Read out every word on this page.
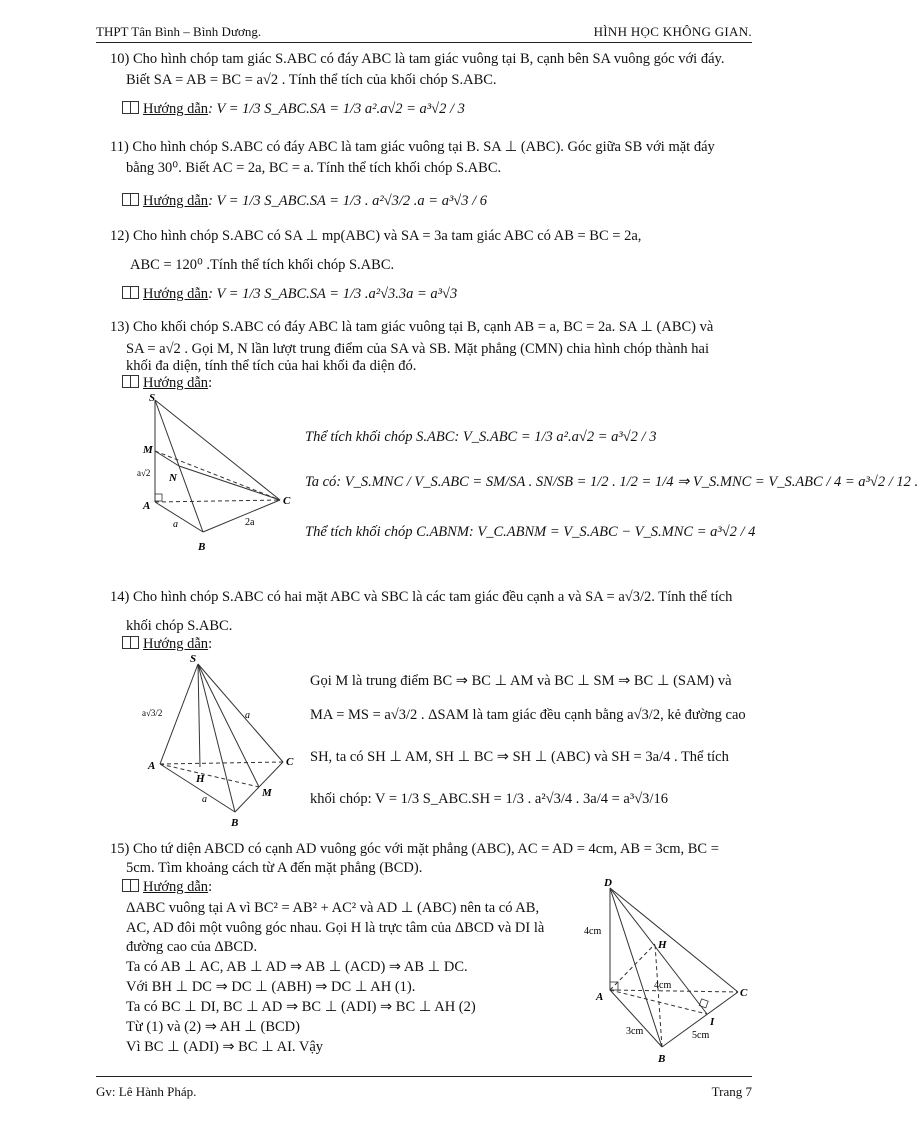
THPT Tân Bình – Bình Dương.	HÌNH HỌC KHÔNG GIAN.
10) Cho hình chóp tam giác S.ABC có đáy ABC là tam giác vuông tại B, cạnh bên SA vuông góc với đáy.
Biết SA = AB = BC = a√2 . Tính thể tích của khối chóp S.ABC.
Hướng dẫn: V = 1/3 S_ABC.SA = 1/3 a².a√2 = a³√2 / 3
11) Cho hình chóp S.ABC có đáy ABC là tam giác vuông tại B. SA ⊥ (ABC). Góc giữa SB với mặt đáy
bằng 30⁰. Biết AC = 2a, BC = a. Tính thể tích khối chóp S.ABC.
Hướng dẫn: V = 1/3 S_ABC.SA = 1/3 . a²√3/2 .a = a³√3 / 6
12) Cho hình chóp S.ABC có SA ⊥ mp(ABC) và SA = 3a tam giác ABC có AB = BC = 2a,
ABC = 120⁰ .Tính thể tích khối chóp S.ABC.
Hướng dẫn: V = 1/3 S_ABC.SA = 1/3 .a²√3.3a = a³√3
13) Cho khối chóp S.ABC có đáy ABC là tam giác vuông tại B, cạnh AB = a, BC = 2a. SA ⊥ (ABC) và
SA = a√2 . Gọi M, N lần lượt trung điểm của SA và SB. Mặt phẳng (CMN) chia hình chóp thành hai
khối đa diện, tính thể tích của hai khối đa diện đó.
Hướng dẫn:
S
M
N
A
B
C
a	2a
a√2
Thể tích khối chóp S.ABC: V_S.ABC = 1/3 a².a√2 = a³√2 / 3
Ta có: V_S.MNC / V_S.ABC = SM/SA . SN/SB = 1/2 . 1/2 = 1/4 ⇒ V_S.MNC = V_S.ABC / 4 = a³√2 / 12 .
Thể tích khối chóp C.ABNM: V_C.ABNM = V_S.ABC − V_S.MNC = a³√2 / 4
14) Cho hình chóp S.ABC có hai mặt ABC và SBC là các tam giác đều cạnh a và SA = a√3/2. Tính thể tích
khối chóp S.ABC.
Hướng dẫn:
S
A
H
M
C
B
a
a
a√3/2
Gọi M là trung điểm BC ⇒ BC ⊥ AM và BC ⊥ SM ⇒ BC ⊥ (SAM) và
MA = MS = a√3/2 . ΔSAM là tam giác đều cạnh bằng a√3/2, kẻ đường cao
SH, ta có SH ⊥ AM, SH ⊥ BC ⇒ SH ⊥ (ABC) và SH = 3a/4 . Thể tích
khối chóp: V = 1/3 S_ABC.SH = 1/3 . a²√3/4 . 3a/4 = a³√3/16
15) Cho tứ diện ABCD có cạnh AD vuông góc với mặt phẳng (ABC), AC = AD = 4cm, AB = 3cm, BC =
5cm. Tìm khoảng cách từ A đến mặt phẳng (BCD).
Hướng dẫn:
ΔABC vuông tại A vì BC² = AB² + AC² và AD ⊥ (ABC) nên ta có AB,
AC, AD đôi một vuông góc nhau. Gọi H là trực tâm của ΔBCD và DI là
đường cao của ΔBCD.
Ta có AB ⊥ AC, AB ⊥ AD ⇒ AB ⊥ (ACD) ⇒ AB ⊥ DC.
Với BH ⊥ DC ⇒ DC ⊥ (ABH) ⇒ DC ⊥ AH (1).
Ta có BC ⊥ DI, BC ⊥ AD ⇒ BC ⊥ (ADI) ⇒ BC ⊥ AH (2)
Từ (1) và (2) ⇒ AH ⊥ (BCD)
Vì BC ⊥ (ADI) ⇒ BC ⊥ AI. Vậy
D
H
A	C
I
B
4cm
4cm
3cm	5cm
Gv: Lê Hành Pháp.	Trang 7
